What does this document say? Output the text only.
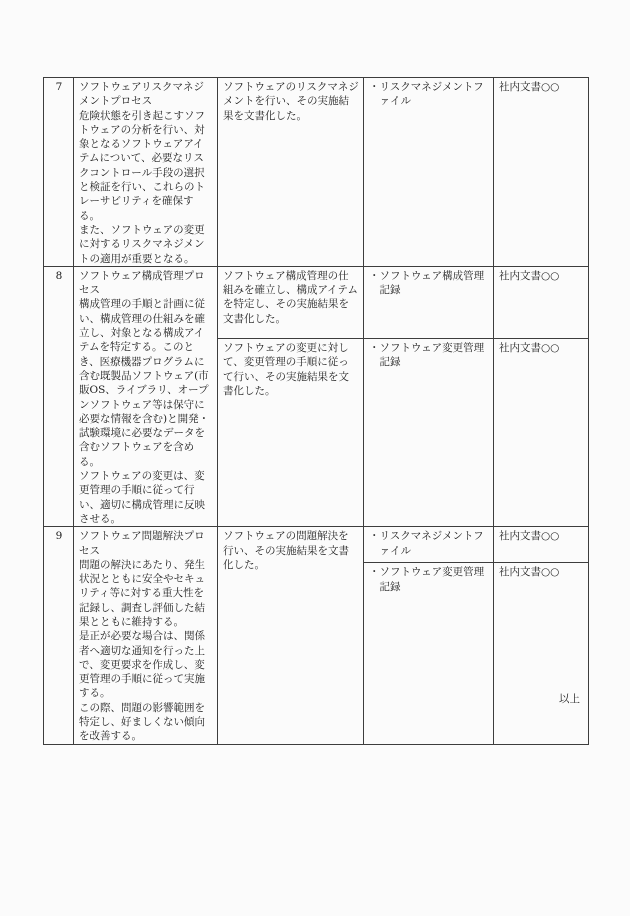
7	ソフトウェアリスクマネジメントプロセス
危険状態を引き起こすソフトウェアの分析を行い、対象となるソフトウェアアイテムについて、必要なリスクコントロール手段の選択と検証を行い、これらのトレーサビリティを確保する。
また、ソフトウェアの変更に対するリスクマネジメントの適用が重要となる。	ソフトウェアのリスクマネジメントを行い、その実施結果を文書化した。	・リスクマネジメントファイル	社内文書○○

8	ソフトウェア構成管理プロセス
構成管理の手順と計画に従い、構成管理の仕組みを確立し、対象となる構成アイテムを特定する。このとき、医療機器プログラムに含む既製品ソフトウェア(市販OS、ライブラリ、オープンソフトウェア等は保守に必要な情報を含む)と開発・試験環境に必要なデータを含むソフトウェアを含める。
ソフトウェアの変更は、変更管理の手順に従って行い、適切に構成管理に反映させる。	ソフトウェア構成管理の仕組みを確立し、構成アイテムを特定し、その実施結果を文書化した。	・ソフトウェア構成管理記録	社内文書○○

		ソフトウェアの変更に対して、変更管理の手順に従って行い、その実施結果を文書化した。	・ソフトウェア変更管理記録	社内文書○○

9	ソフトウェア問題解決プロセス
問題の解決にあたり、発生状況とともに安全やセキュリティ等に対する重大性を記録し、調査し評価した結果とともに維持する。
是正が必要な場合は、関係者へ適切な通知を行った上で、変更要求を作成し、変更管理の手順に従って実施する。
この際、問題の影響範囲を特定し、好ましくない傾向を改善する。	ソフトウェアの問題解決を行い、その実施結果を文書化した。	・リスクマネジメントファイル	社内文書○○

			・ソフトウェア変更管理記録	社内文書○○
以上
